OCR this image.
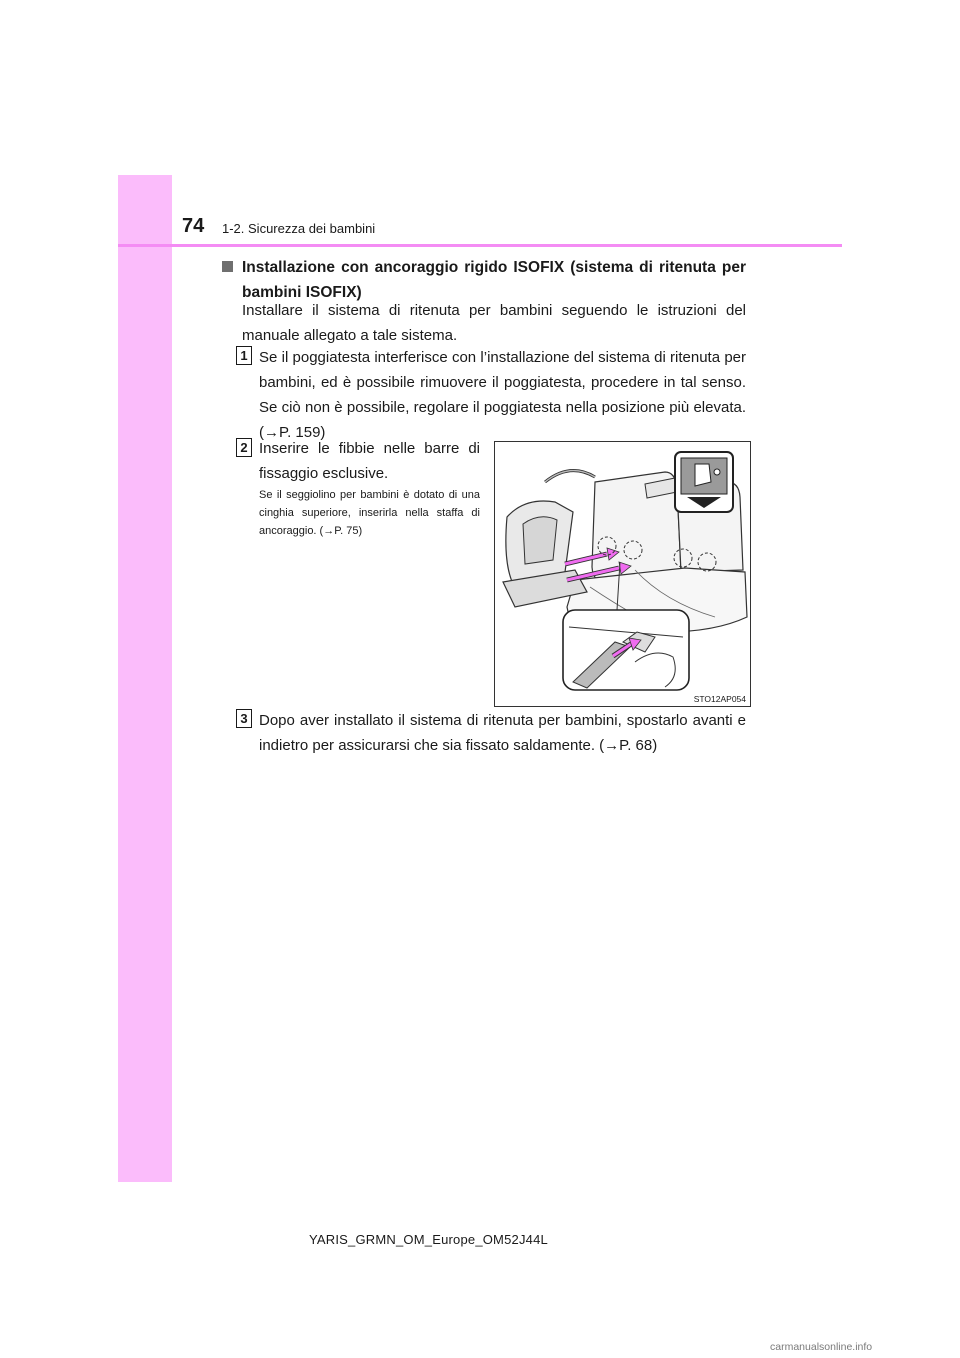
74 1-2. Sicurezza dei bambini
Installazione con ancoraggio rigido ISOFIX (sistema di ritenuta per bambini ISOFIX)
Installare il sistema di ritenuta per bambini seguendo le istruzioni del manuale allegato a tale sistema.
1 Se il poggiatesta interferisce con l’installazione del sistema di ritenuta per bambini, ed è possibile rimuovere il poggiatesta, procedere in tal senso. Se ciò non è possibile, regolare il poggiatesta nella posizione più elevata. (→P. 159)
2 Inserire le fibbie nelle barre di fissaggio esclusive.
Se il seggiolino per bambini è dotato di una cinghia superiore, inserirla nella staffa di ancoraggio. (→P. 75)
STO12AP054
3 Dopo aver installato il sistema di ritenuta per bambini, spostarlo avanti e indietro per assicurarsi che sia fissato saldamente. (→P. 68)
YARIS_GRMN_OM_Europe_OM52J44L
carmanualsonline.info
